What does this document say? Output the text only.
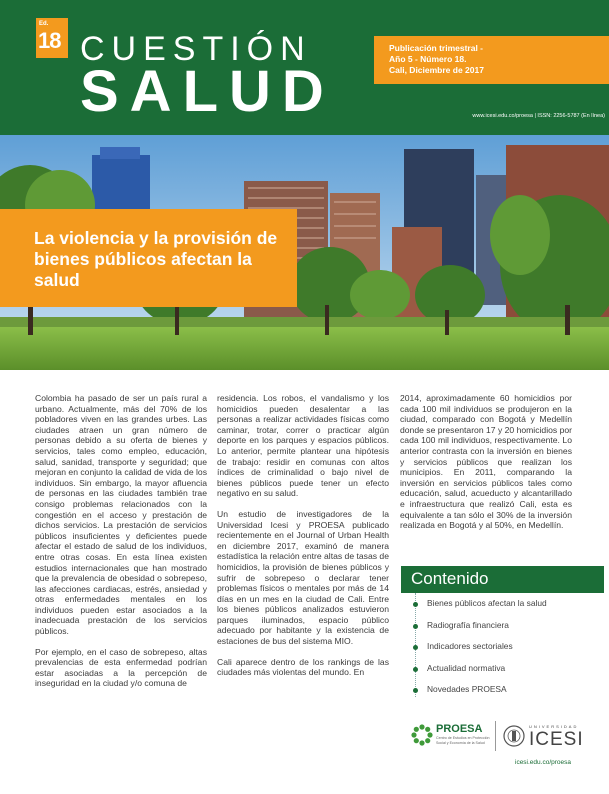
Ed.
18 CUESTIÓN
SALUD
Publicación trimestral -
Año 5 - Número 18.
Cali, Diciembre de 2017
www.icesi.edu.co/proesa | ISSN: 2256-5787 (En línea)
La violencia y la provisión de bienes públicos afectan la salud

Colombia ha pasado de ser un país rural a urbano. Actualmente, más del 70% de los pobladores viven en las grandes urbes. Las ciudades atraen un gran número de personas debido a su oferta de bienes y servicios, tales como empleo, educación, salud, sanidad, transporte y seguridad; que mejoran en conjunto la calidad de vida de los individuos. Sin embargo, la mayor afluencia de personas en las ciudades también trae consigo problemas relacionados con la congestión en el acceso y prestación de dichos servicios. La prestación de servicios públicos insuficientes y deficientes puede afectar el estado de salud de los individuos, entre otras cosas. En esta línea existen estudios internacionales que han mostrado que la prevalencia de obesidad o sobrepeso, las afecciones cardiacas, estrés, ansiedad y otras enfermedades mentales en los individuos pueden estar asociados a la inadecuada prestación de los servicios públicos.

Por ejemplo, en el caso de sobrepeso, altas prevalencias de esta enfermedad podrían estar asociadas a la percepción de inseguridad en la ciudad y/o comuna de

residencia. Los robos, el vandalismo y los homicidios pueden desalentar a las personas a realizar actividades físicas como caminar, trotar, correr o practicar algún deporte en los parques y espacios públicos. Lo anterior, permite plantear una hipótesis de trabajo: residir en comunas con altos índices de criminalidad o bajo nivel de bienes públicos puede tener un efecto negativo en su salud.

Un estudio de investigadores de la Universidad Icesi y PROESA publicado recientemente en el Journal of Urban Health en diciembre 2017, examinó de manera estadística la relación entre altas de tasas de homicidios, la provisión de bienes públicos y sufrir de sobrepeso o declarar tener problemas físicos o mentales por más de 14 días en un mes en la ciudad de Cali. Entre los bienes públicos analizados estuvieron parques iluminados, espacio público adecuado por habitante y la existencia de estaciones de bus del sistema MIO.

Cali aparece dentro de los rankings de las ciudades más violentas del mundo. En

2014, aproximadamente 60 homicidios por cada 100 mil individuos se produjeron en la ciudad, comparado con Bogotá y Medellín donde se presentaron 17 y 20 homicidios por cada 100 mil individuos, respectivamente. Lo anterior contrasta con la inversión en bienes y servicios públicos que realizan los municipios. En 2011, comparando la inversión en servicios públicos tales como educación, salud, acueducto y alcantarillado e infraestructura que realizó Cali, esta es equivalente a tan sólo el 30% de la inversión realizada en Bogotá y al 50%, en Medellín.

Contenido
Bienes públicos afectan la salud
Radiografía financiera
Indicadores sectoriales
Actualidad normativa
Novedades PROESA
PROESA
Centro de Estudios en Protección Social y Economía de la Salud
UNIVERSIDAD
ICESI
icesi.edu.co/proesa
